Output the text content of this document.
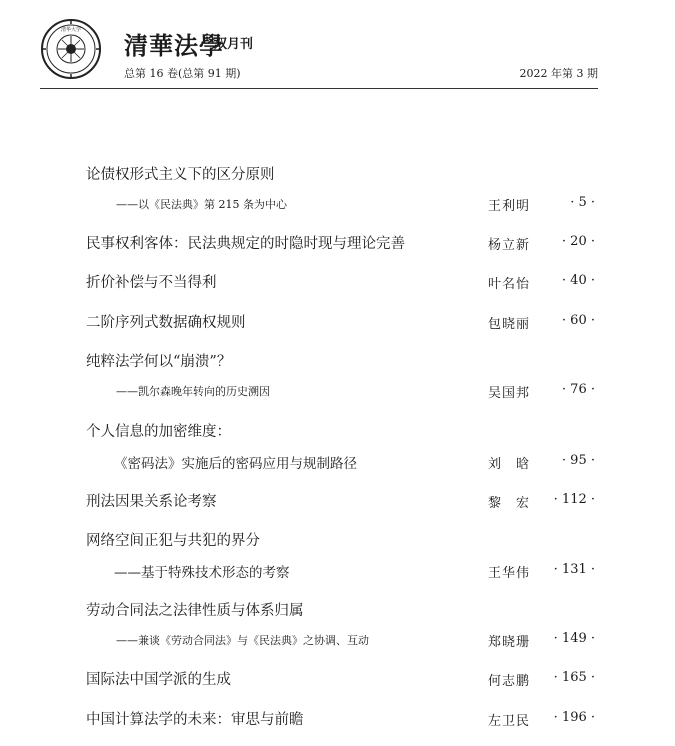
清华大学
清華法學
双月刊
总第 16 卷(总第 91 期)	2022 年第 3 期
论债权形式主义下的区分原则
——以《民法典》第 215 条为中心	王利明	· 5 ·
民事权利客体：民法典规定的时隐时现与理论完善	杨立新 · 20 ·
折价补偿与不当得利	叶名怡 · 40 ·
二阶序列式数据确权规则	包晓丽 · 60 ·
纯粹法学何以“崩溃”？
——凯尔森晚年转向的历史溯因	吴国邦 · 76 ·
个人信息的加密维度：
《密码法》实施后的密码应用与规制路径	刘　晗 · 95 ·
刑法因果关系论考察	黎　宏 · 112 ·
网络空间正犯与共犯的界分
——基于特殊技术形态的考察	王华伟 · 131 ·
劳动合同法之法律性质与体系归属
——兼谈《劳动合同法》与《民法典》之协调、互动	郑晓珊 · 149 ·
国际法中国学派的生成	何志鹏 · 165 ·
中国计算法学的未来：审思与前瞻	左卫民 · 196 ·
